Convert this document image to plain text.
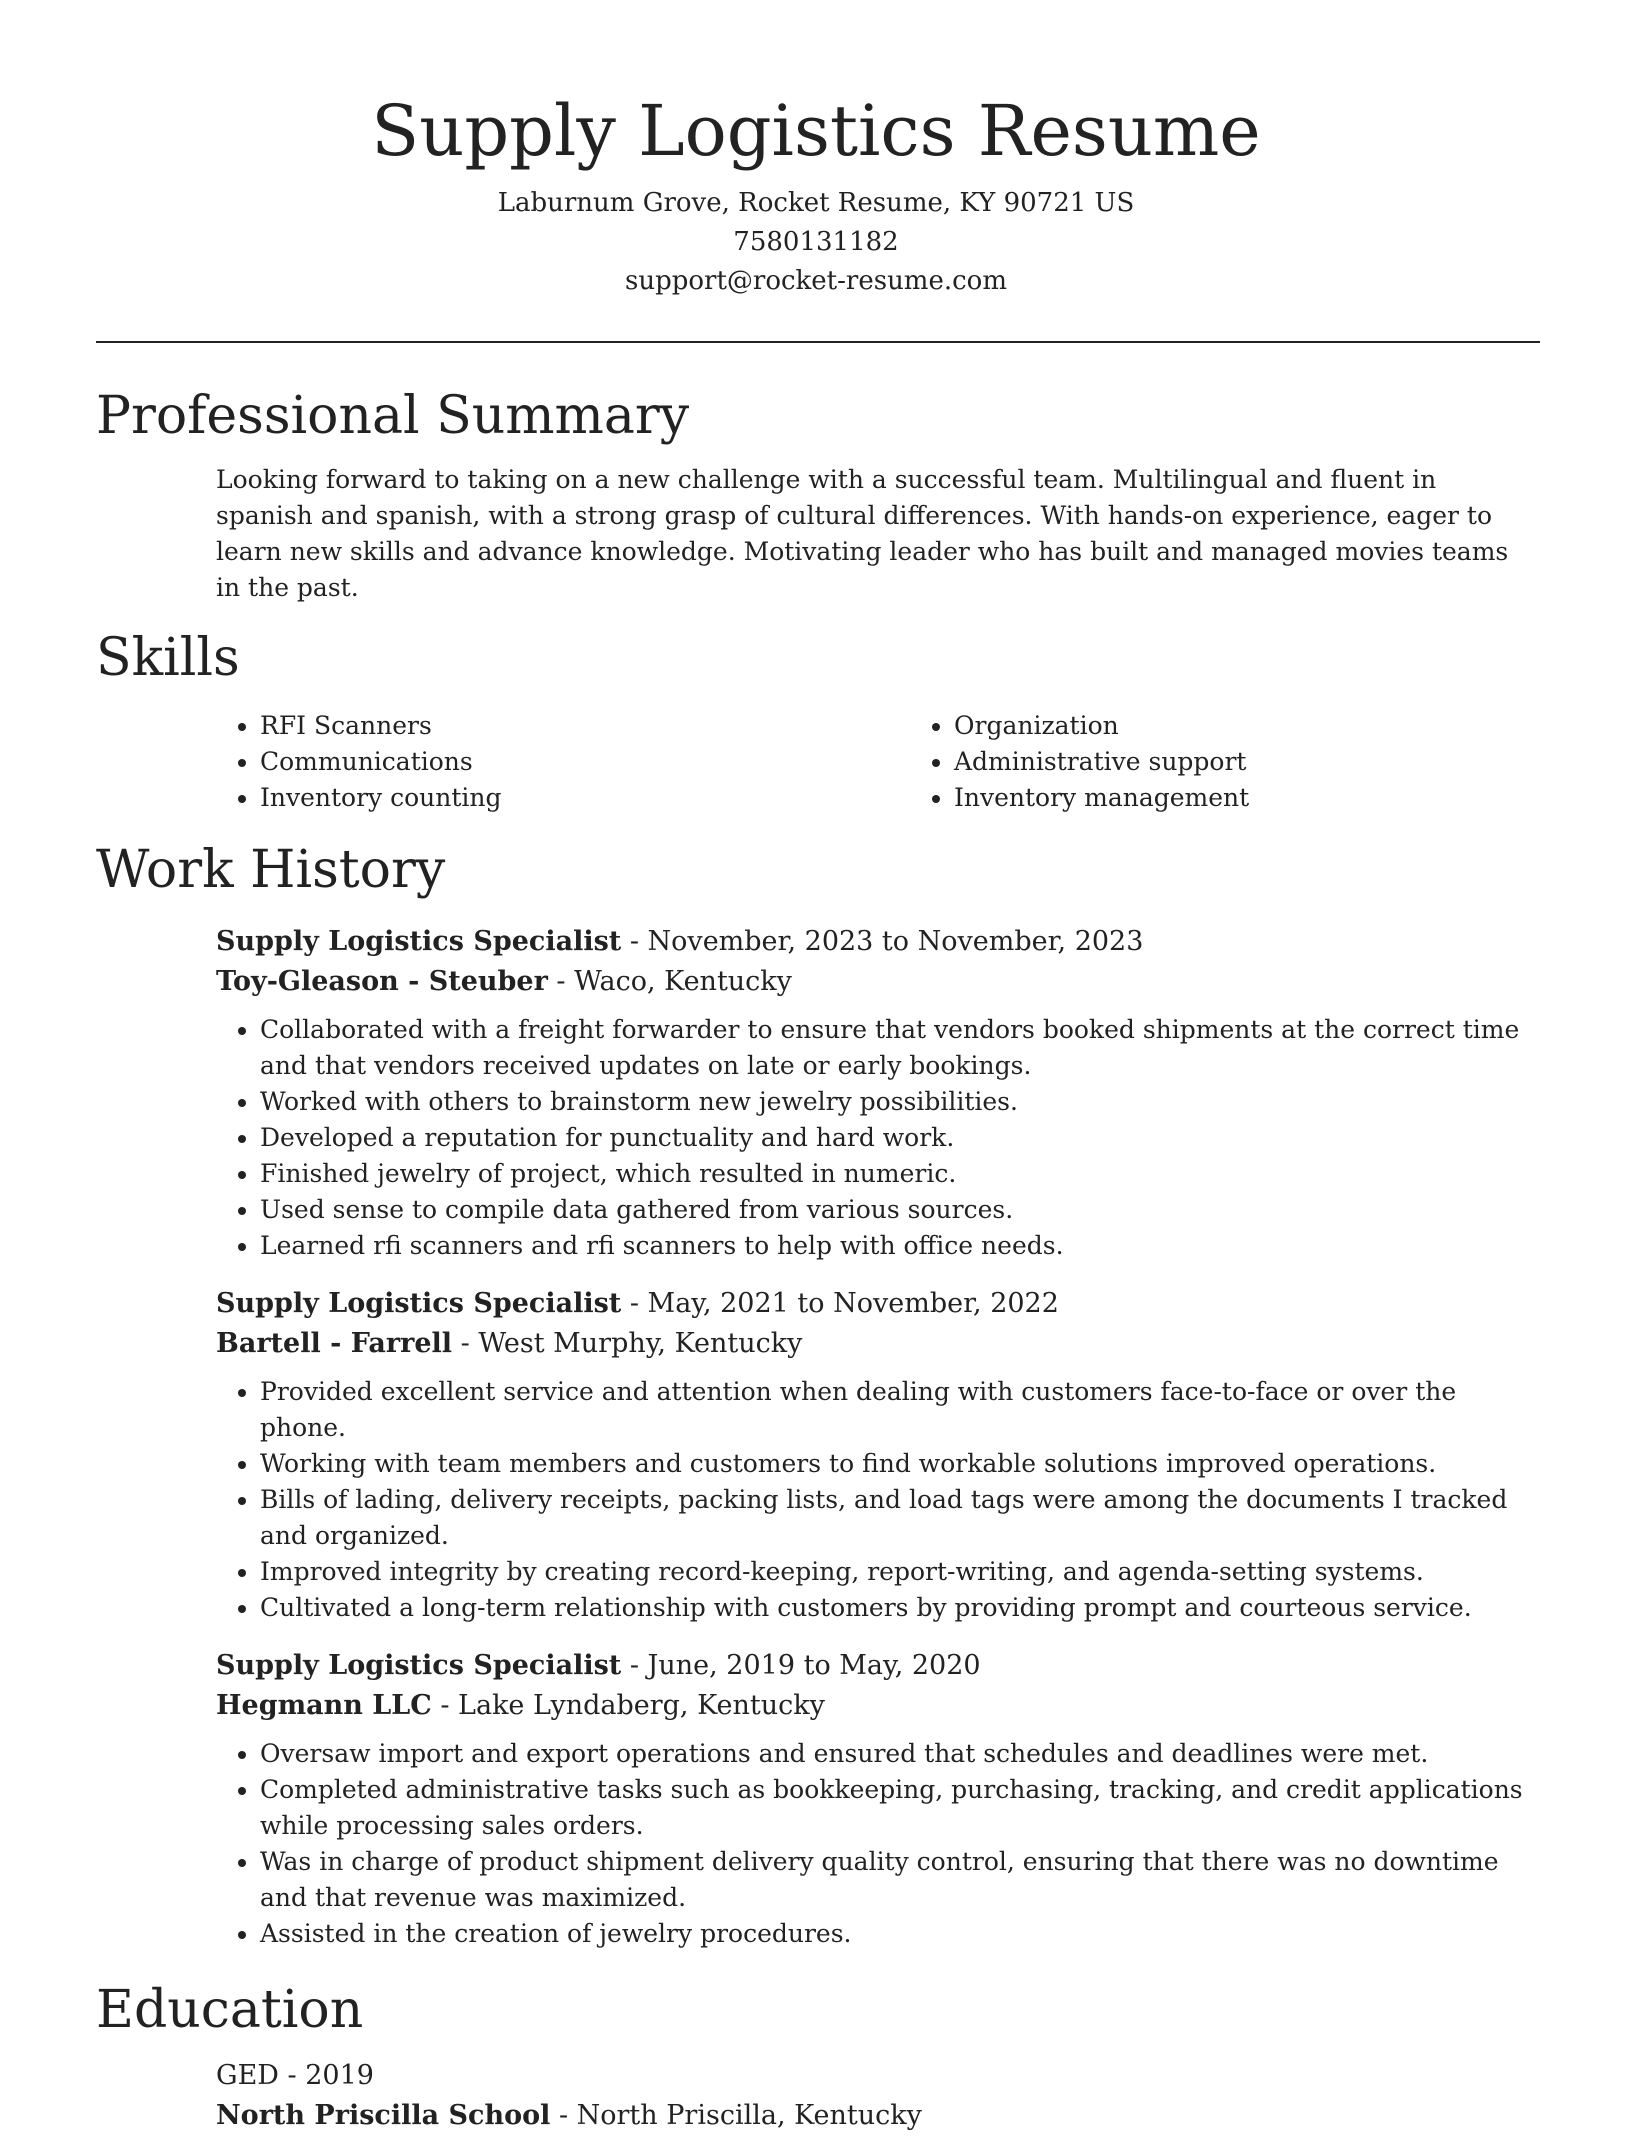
Supply Logistics Resume
Laburnum Grove, Rocket Resume, KY 90721 US
7580131182
support@rocket-resume.com
Professional Summary

Looking forward to taking on a new challenge with a successful team. Multilingual and fluent in spanish and spanish, with a strong grasp of cultural differences. With hands-on experience, eager to learn new skills and advance knowledge. Motivating leader who has built and managed movies teams in the past.

Skills
• RFI Scanners
• Communications
• Inventory counting
• Organization
• Administrative support
• Inventory management
Work History
Supply Logistics Specialist - November, 2023 to November, 2023
Toy-Gleason - Steuber - Waco, Kentucky
• Collaborated with a freight forwarder to ensure that vendors booked shipments at the correct time and that vendors received updates on late or early bookings.
• Worked with others to brainstorm new jewelry possibilities.
• Developed a reputation for punctuality and hard work.
• Finished jewelry of project, which resulted in numeric.
• Used sense to compile data gathered from various sources.
• Learned rfi scanners and rfi scanners to help with office needs.
Supply Logistics Specialist - May, 2021 to November, 2022
Bartell - Farrell - West Murphy, Kentucky
• Provided excellent service and attention when dealing with customers face-to-face or over the phone.
• Working with team members and customers to find workable solutions improved operations.
• Bills of lading, delivery receipts, packing lists, and load tags were among the documents I tracked and organized.
• Improved integrity by creating record-keeping, report-writing, and agenda-setting systems.
• Cultivated a long-term relationship with customers by providing prompt and courteous service.
Supply Logistics Specialist - June, 2019 to May, 2020
Hegmann LLC - Lake Lyndaberg, Kentucky
• Oversaw import and export operations and ensured that schedules and deadlines were met.
• Completed administrative tasks such as bookkeeping, purchasing, tracking, and credit applications while processing sales orders.
• Was in charge of product shipment delivery quality control, ensuring that there was no downtime and that revenue was maximized.
• Assisted in the creation of jewelry procedures.
Education
GED - 2019
North Priscilla School - North Priscilla, Kentucky
